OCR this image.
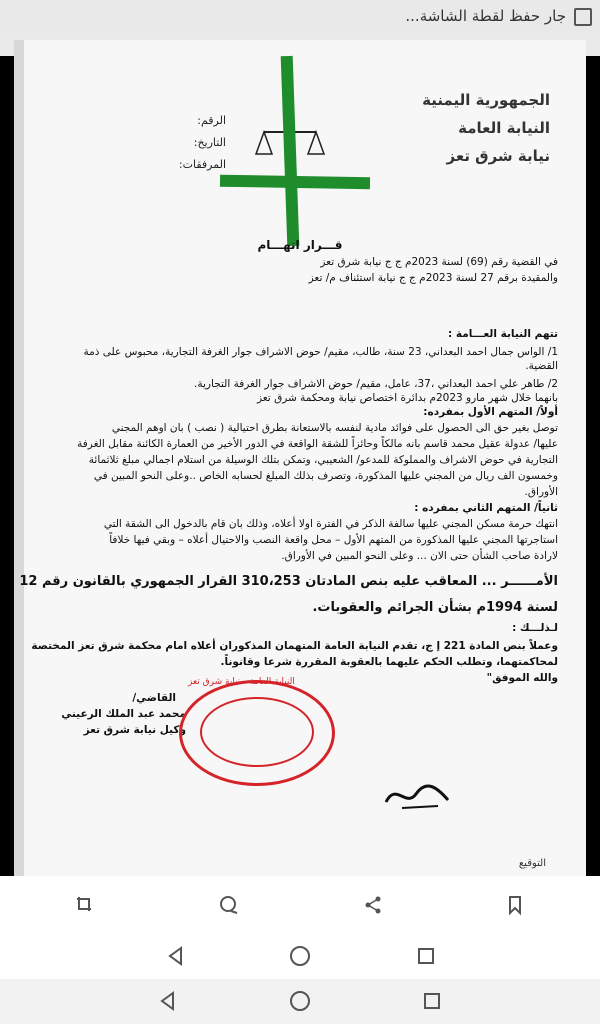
جار حفظ لقطة الشاشة...
الجمهورية اليمنية
النيابة العامة
نيابة شرق تعز
الرقم:
التاريخ:
المرفقات:
قـــرار اتهـــام
في القضية رقم (69) لسنة 2023م ج ج نيابة شرق تعز
والمقيدة برقم 27 لسنة 2023م ج ج نيابة استئناف م/ تعز
تتهم النيابة العـــامة :
1/ الواس جمال احمد البعداني، 23 سنة، طالب، مقيم/ حوض الاشراف جوار الغرفة التجارية، محبوس على ذمة
القضية.
2/ طاهر علي احمد البعداني ،37، عامل، مقيم/ حوض الاشراف جوار الغرفة التجارية.
بانهما خلال شهر مارو 2023م بدائرة اختصاص نيابة ومحكمة شرق تعز
أولاً/ المتهم الأول بمفرده:
توصل بغير حق الى الحصول على فوائد مادية لنفسه بالاستعانة بطرق احتيالية ( نصب ) بان اوهم المجني
عليها/ عدولة عقيل محمد قاسم بانه مالكاً وحائزاً للشقة الواقعة في الدور الأخير من العمارة الكائنة مقابل الغرفة
التجارية في حوض الاشراف والمملوكة للمدعو/ الشعيبي، وتمكن بتلك الوسيلة من استلام اجمالي مبلغ ثلاثمائة
وخمسون الف ريال من المجني عليها المذكورة، وتصرف بذلك المبلغ لحسابه الخاص ..وعلى النحو المبين في
الأوراق.
ثانياً/ المتهم الثاني بمفرده :
انتهك حرمة مسكن المجني عليها سالفة الذكر في الفترة اولا أعلاه، وذلك بان قام بالدخول الى الشقة التي
استاجرتها المجني عليها المذكورة من المتهم الأول – محل واقعة النصب والاحتيال أعلاه – وبقي فيها خلافاً
لارادة صاحب الشأن حتى الان ... وعلى النحو المبين في الأوراق.
الأمــــــر ... المعاقب عليه بنص المادتان 310،253 القرار الجمهوري بالقانون رقم 12
لسنة 1994م بشأن الجرائم والعقوبات.
لـذلـــك :
وعملاً بنص المادة 221 إ ج، تقدم النيابة العامة المتهمان المذكوران أعلاه امام محكمة شرق تعز المختصة
لمحاكمتهما، وتطلب الحكم عليهما بالعقوبة المقررة شرعا وقانوناً.
والله الموفق"
القاضي/
محمد عبد الملك الرعيني
وكيل نيابة شرق تعز
النيابة العامة - نيابة شرق تعز
التوقيع
